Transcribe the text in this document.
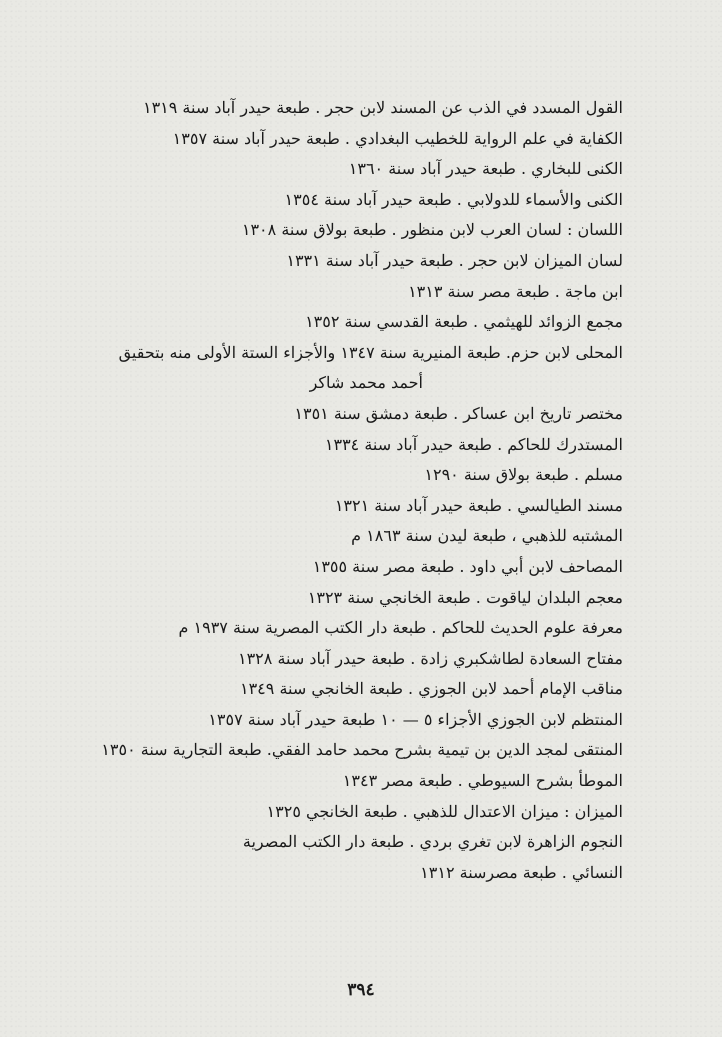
القول المسدد في الذب عن المسند لابن حجر . طبعة حيدر آباد سنة ١٣١٩
الكفاية في علم الرواية للخطيب البغدادي . طبعة حيدر آباد سنة ١٣٥٧
الكنى للبخاري . طبعة حيدر آباد سنة ١٣٦٠
الكنى والأسماء للدولابي . طبعة حيدر آباد سنة ١٣٥٤
اللسان : لسان العرب لابن منظور . طبعة بولاق سنة ١٣٠٨
لسان الميزان لابن حجر . طبعة حيدر آباد سنة ١٣٣١
ابن ماجة . طبعة مصر سنة ١٣١٣
مجمع الزوائد للهيثمي . طبعة القدسي سنة ١٣٥٢
المحلى لابن حزم. طبعة المنيرية سنة ١٣٤٧ والأجزاء الستة الأولى منه بتحقيق
أحمد محمد شاكر
مختصر تاريخ ابن عساكر . طبعة دمشق سنة ١٣٥١
المستدرك للحاكم . طبعة حيدر آباد سنة ١٣٣٤
مسلم . طبعة بولاق سنة ١٢٩٠
مسند الطيالسي . طبعة حيدر آباد سنة ١٣٢١
المشتبه للذهبي ، طبعة ليدن سنة ١٨٦٣ م
المصاحف لابن أبي داود . طبعة مصر سنة ١٣٥٥
معجم البلدان لياقوت . طبعة الخانجي سنة ١٣٢٣
معرفة علوم الحديث للحاكم . طبعة دار الكتب المصرية سنة ١٩٣٧ م
مفتاح السعادة لطاشكبري زادة . طبعة حيدر آباد سنة ١٣٢٨
مناقب الإمام أحمد لابن الجوزي . طبعة الخانجي سنة ١٣٤٩
المنتظم لابن الجوزي الأجزاء ٥ — ١٠ طبعة حيدر آباد سنة ١٣٥٧
المنتقى لمجد الدين بن تيمية بشرح محمد حامد الفقي. طبعة التجارية سنة ١٣٥٠
الموطأ بشرح السيوطي . طبعة مصر ١٣٤٣
الميزان : ميزان الاعتدال للذهبي . طبعة الخانجي ١٣٢٥
النجوم الزاهرة لابن تغري بردي . طبعة دار الكتب المصرية
النسائي . طبعة مصرسنة ١٣١٢
٣٩٤
